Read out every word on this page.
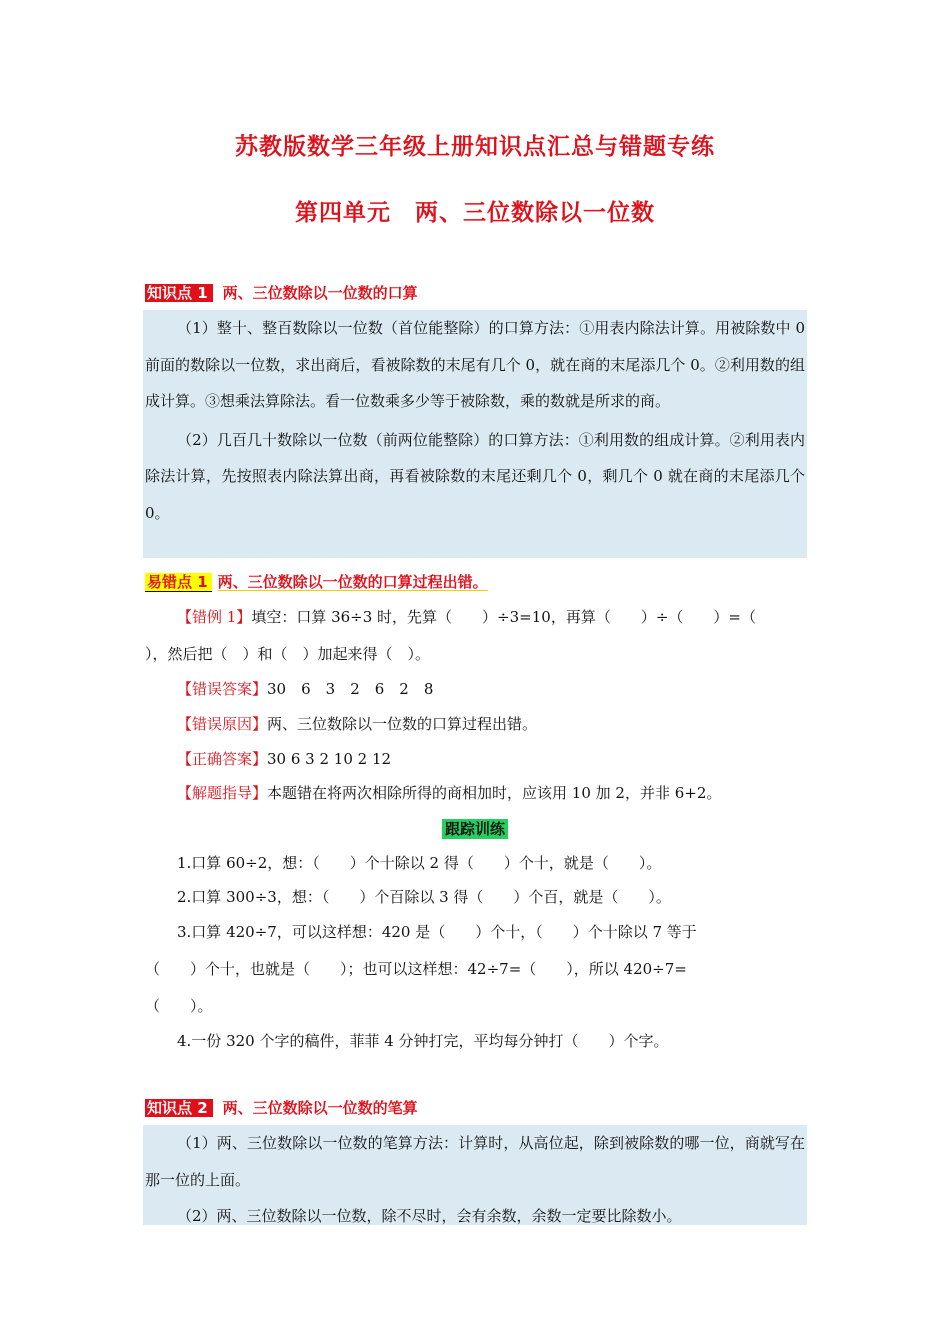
苏教版数学三年级上册知识点汇总与错题专练
第四单元　两、三位数除以一位数
知识点 1 两、三位数除以一位数的口算

（1）整十、整百数除以一位数（首位能整除）的口算方法：①用表内除法计算。用被除数中 0 前面的数除以一位数，求出商后，看被除数的末尾有几个 0，就在商的末尾添几个 0。②利用数的组成计算。③想乘法算除法。看一位数乘多少等于被除数，乘的数就是所求的商。

（2）几百几十数除以一位数（前两位能整除）的口算方法：①利用数的组成计算。②利用表内除法计算，先按照表内除法算出商，再看被除数的末尾还剩几个 0，剩几个 0 就在商的末尾添几个 0。

易错点 1 两、三位数除以一位数的口算过程出错。
【错例 1】填空：口算 36÷3 时，先算（　　）÷3=10，再算（　　）÷（　　）=（
），然后把（　）和（　）加起来得（　）。
【错误答案】30　6　3　2　6　2　8
【错误原因】两、三位数除以一位数的口算过程出错。
【正确答案】30 6 3 2 10 2 12
【解题指导】本题错在将两次相除所得的商相加时，应该用 10 加 2，并非 6+2。
跟踪训练
1.口算 60÷2，想：（　　）个十除以 2 得（　　）个十，就是（　　）。
2.口算 300÷3，想：（　　）个百除以 3 得（　　）个百，就是（　　）。
3.口算 420÷7，可以这样想：420 是（　　）个十，（　　）个十除以 7 等于
（　　）个十，也就是（　　）；也可以这样想：42÷7=（　　），所以 420÷7=
（　　）。
4.一份 320 个字的稿件，菲菲 4 分钟打完，平均每分钟打（　　）个字。
知识点 2 两、三位数除以一位数的笔算

（1）两、三位数除以一位数的笔算方法：计算时，从高位起，除到被除数的哪一位，商就写在那一位的上面。

（2）两、三位数除以一位数，除不尽时，会有余数，余数一定要比除数小。
